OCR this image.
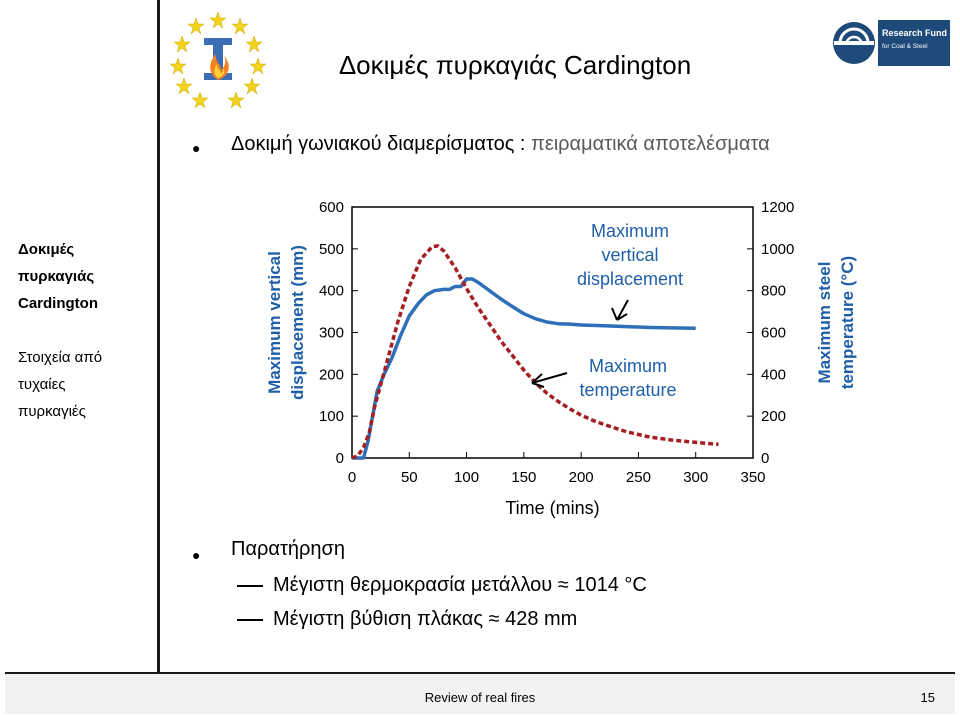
Research Fund
for Coal & Steel
Δοκιμές πυρκαγιάς Cardington
Δοκιμές
πυρκαγιάς
Cardington
Στοιχεία από
τυχαίες
πυρκαγιές
● Δοκιμή γωνιακού διαμερίσματος : πειραματικά αποτελέσματα
0
100
200
300
400
500
600
0
200
400
600
800
1000
1200
0	50 100 150 200 250 300 350
Time (mins)
Maximum vertical displacement (mm)	Maximum steel temperature (°C)
Maximum
vertical
displacement
Maximum
temperature
● Παρατήρηση
Μέγιστη θερμοκρασία μετάλλου ≈ 1014 °C
Μέγιστη βύθιση πλάκας ≈ 428 mm
Review of real fires	15
